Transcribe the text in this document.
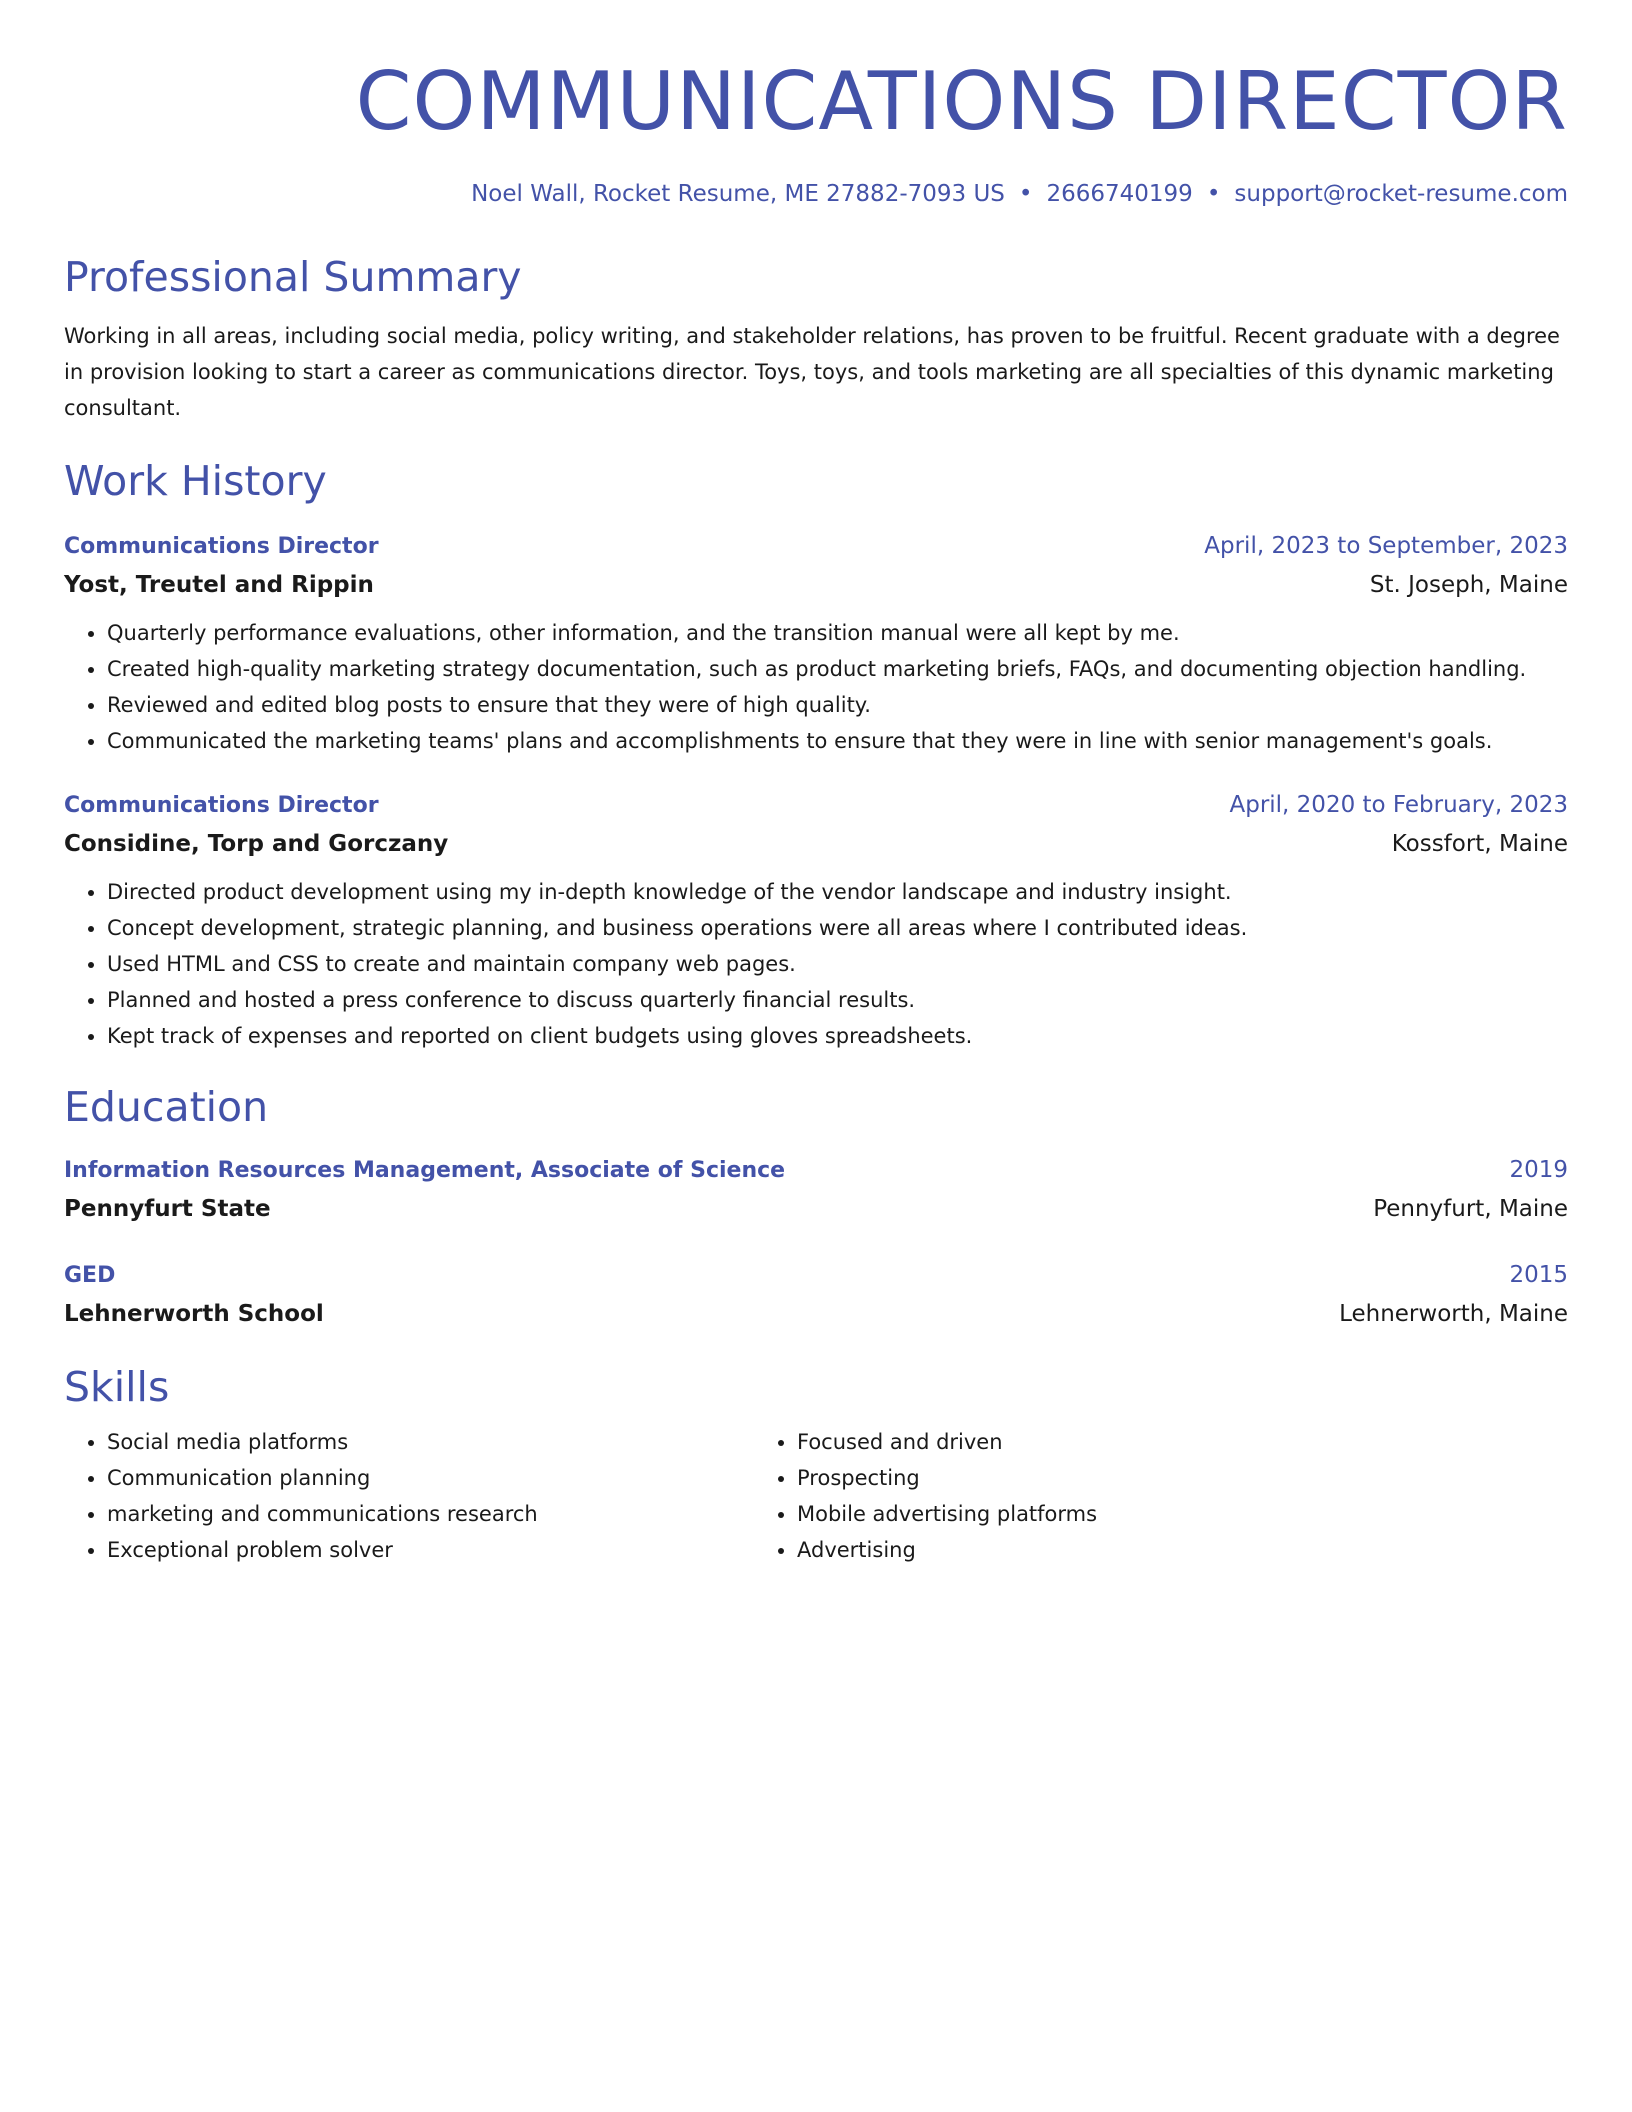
COMMUNICATIONS DIRECTOR
Noel Wall, Rocket Resume, ME 27882-7093 US • 2666740199 • support@rocket-resume.com
Professional Summary

Working in all areas, including social media, policy writing, and stakeholder relations, has proven to be fruitful. Recent graduate with a degree in provision looking to start a career as communications director. Toys, toys, and tools marketing are all specialties of this dynamic marketing consultant.

Work History
Communications Director	April, 2023 to September, 2023
Yost, Treutel and Rippin	St. Joseph, Maine
• Quarterly performance evaluations, other information, and the transition manual were all kept by me.
• Created high-quality marketing strategy documentation, such as product marketing briefs, FAQs, and documenting objection handling.
• Reviewed and edited blog posts to ensure that they were of high quality.
• Communicated the marketing teams' plans and accomplishments to ensure that they were in line with senior management's goals.
Communications Director	April, 2020 to February, 2023
Considine, Torp and Gorczany	Kossfort, Maine
• Directed product development using my in-depth knowledge of the vendor landscape and industry insight.
• Concept development, strategic planning, and business operations were all areas where I contributed ideas.
• Used HTML and CSS to create and maintain company web pages.
• Planned and hosted a press conference to discuss quarterly financial results.
• Kept track of expenses and reported on client budgets using gloves spreadsheets.
Education
Information Resources Management, Associate of Science	2019
Pennyfurt State	Pennyfurt, Maine
GED	2015
Lehnerworth School	Lehnerworth, Maine
Skills
• Social media platforms
• Communication planning
• marketing and communications research
• Exceptional problem solver
• Focused and driven
• Prospecting
• Mobile advertising platforms
• Advertising
